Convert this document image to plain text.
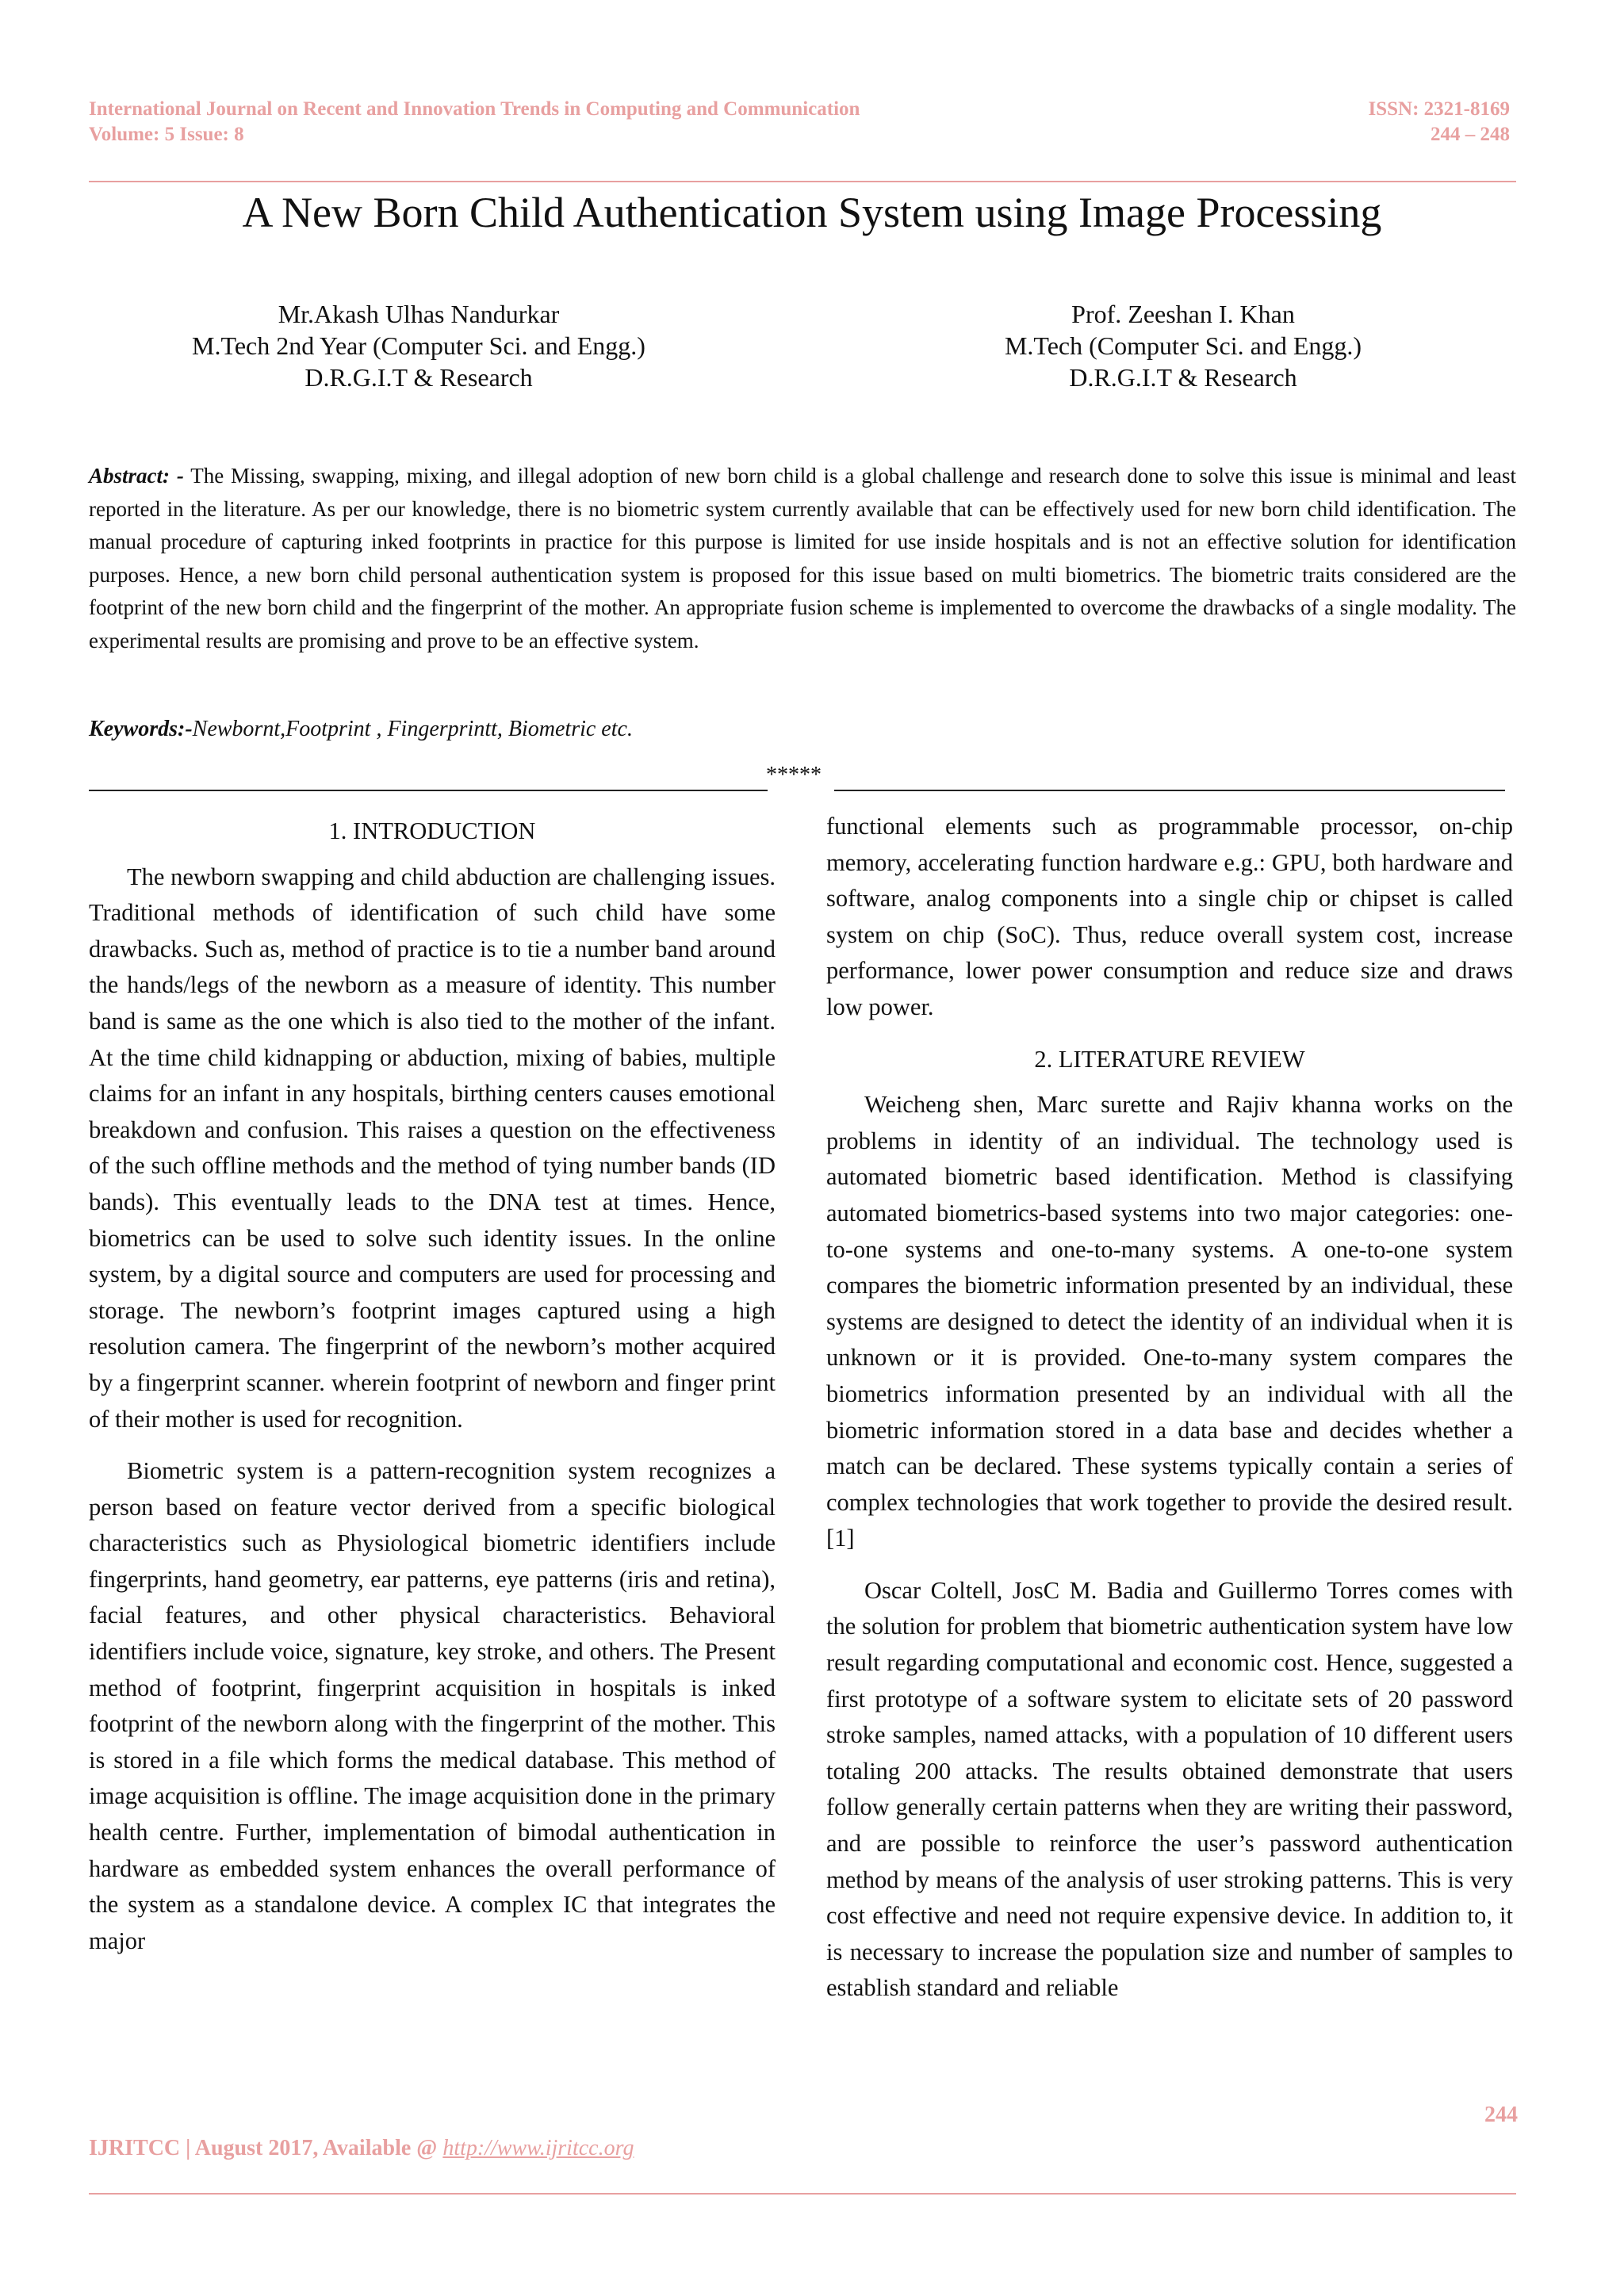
International Journal on Recent and Innovation Trends in Computing and Communication
Volume: 5 Issue: 8
ISSN: 2321-8169
244 – 248
A New Born Child Authentication System using Image Processing
Mr.Akash Ulhas Nandurkar
M.Tech 2nd Year (Computer Sci. and Engg.)
D.R.G.I.T & Research
Prof. Zeeshan I. Khan
M.Tech (Computer Sci. and Engg.)
D.R.G.I.T & Research
Abstract: - The Missing, swapping, mixing, and illegal adoption of new born child is a global challenge and research done to solve this issue is minimal and least reported in the literature. As per our knowledge, there is no biometric system currently available that can be effectively used for new born child identification. The manual procedure of capturing inked footprints in practice for this purpose is limited for use inside hospitals and is not an effective solution for identification purposes. Hence, a new born child personal authentication system is proposed for this issue based on multi biometrics. The biometric traits considered are the footprint of the new born child and the fingerprint of the mother. An appropriate fusion scheme is implemented to overcome the drawbacks of a single modality. The experimental results are promising and prove to be an effective system.
Keywords:-Newbornt,Footprint , Fingerprintt, Biometric etc.
*****
1. INTRODUCTION

The newborn swapping and child abduction are challenging issues. Traditional methods of identification of such child have some drawbacks. Such as, method of practice is to tie a number band around the hands/legs of the newborn as a measure of identity. This number band is same as the one which is also tied to the mother of the infant. At the time child kidnapping or abduction, mixing of babies, multiple claims for an infant in any hospitals, birthing centers causes emotional breakdown and confusion. This raises a question on the effectiveness of the such offline methods and the method of tying number bands (ID bands). This eventually leads to the DNA test at times. Hence, biometrics can be used to solve such identity issues. In the online system, by a digital source and computers are used for processing and storage. The newborn’s footprint images captured using a high resolution camera. The fingerprint of the newborn’s mother acquired by a fingerprint scanner. wherein footprint of newborn and finger print of their mother is used for recognition.

Biometric system is a pattern-recognition system recognizes a person based on feature vector derived from a specific biological characteristics such as Physiological biometric identifiers include fingerprints, hand geometry, ear patterns, eye patterns (iris and retina), facial features, and other physical characteristics. Behavioral identifiers include voice, signature, key stroke, and others. The Present method of footprint, fingerprint acquisition in hospitals is inked footprint of the newborn along with the fingerprint of the mother. This is stored in a file which forms the medical database. This method of image acquisition is offline. The image acquisition done in the primary health centre. Further, implementation of bimodal authentication in hardware as embedded system enhances the overall performance of the system as a standalone device. A complex IC that integrates the major

functional elements such as programmable processor, on-chip memory, accelerating function hardware e.g.: GPU, both hardware and software, analog components into a single chip or chipset is called system on chip (SoC). Thus, reduce overall system cost, increase performance, lower power consumption and reduce size and draws low power.

2. LITERATURE REVIEW

Weicheng shen, Marc surette and Rajiv khanna works on the problems in identity of an individual. The technology used is automated biometric based identification. Method is classifying automated biometrics-based systems into two major categories: one-to-one systems and one-to-many systems. A one-to-one system compares the biometric information presented by an individual, these systems are designed to detect the identity of an individual when it is unknown or it is provided. One-to-many system compares the biometrics information presented by an individual with all the biometric information stored in a data base and decides whether a match can be declared. These systems typically contain a series of complex technologies that work together to provide the desired result.[1]

Oscar Coltell, JosC M. Badia and Guillermo Torres comes with the solution for problem that biometric authentication system have low result regarding computational and economic cost. Hence, suggested a first prototype of a software system to elicitate sets of 20 password stroke samples, named attacks, with a population of 10 different users totaling 200 attacks. The results obtained demonstrate that users follow generally certain patterns when they are writing their password, and are possible to reinforce the user’s password authentication method by means of the analysis of user stroking patterns. This is very cost effective and need not require expensive device. In addition to, it is necessary to increase the population size and number of samples to establish standard and reliable

244
IJRITCC | August 2017, Available @ http://www.ijritcc.org
